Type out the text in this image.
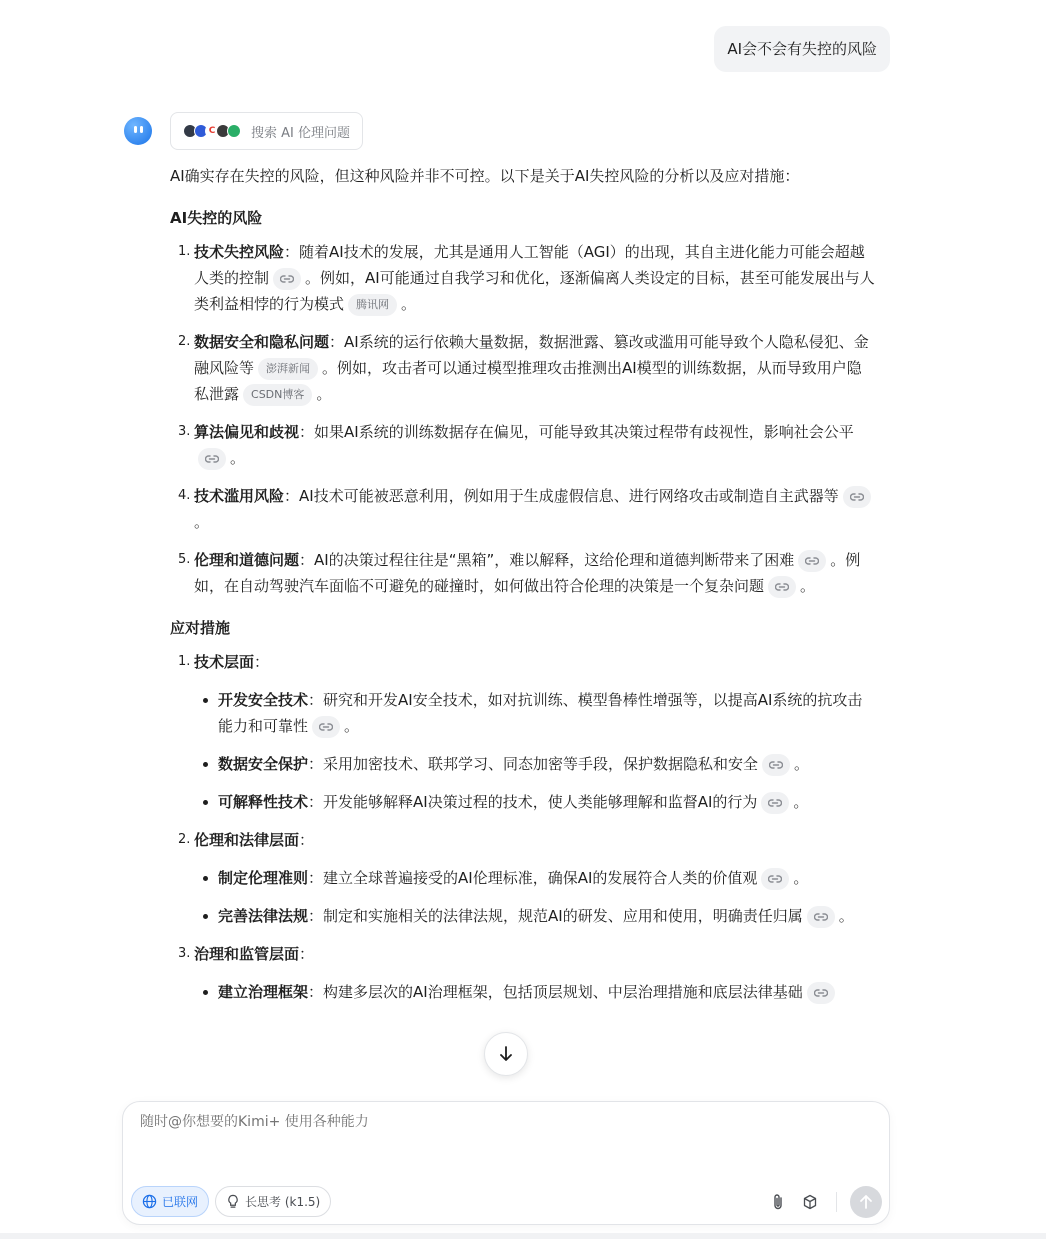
AI会不会有失控的风险
C	搜索 AI 伦理问题

AI确实存在失控的风险，但这种风险并非不可控。以下是关于AI失控风险的分析以及应对措施：

AI失控的风险
1. 技术失控风险：随着AI技术的发展，尤其是通用人工智能（AGI）的出现，其自主进化能力可能会超越人类的控制 。例如，AI可能通过自我学习和优化，逐渐偏离人类设定的目标，甚至可能发展出与人类利益相悖的行为模式 腾讯网 。
2. 数据安全和隐私问题：AI系统的运行依赖大量数据，数据泄露、篡改或滥用可能导致个人隐私侵犯、金融风险等 澎湃新闻 。例如，攻击者可以通过模型推理攻击推测出AI模型的训练数据，从而导致用户隐私泄露 CSDN博客 。
3. 算法偏见和歧视：如果AI系统的训练数据存在偏见，可能导致其决策过程带有歧视性，影响社会公平
。
4. 技术滥用风险：AI技术可能被恶意利用，例如用于生成虚假信息、进行网络攻击或制造自主武器等
。
5. 伦理和道德问题：AI的决策过程往往是“黑箱”，难以解释，这给伦理和道德判断带来了困难 。例如，在自动驾驶汽车面临不可避免的碰撞时，如何做出符合伦理的决策是一个复杂问题 。
应对措施
1. 技术层面：
开发安全技术：研究和开发AI安全技术，如对抗训练、模型鲁棒性增强等，以提高AI系统的抗攻击能力和可靠性 。
数据安全保护：采用加密技术、联邦学习、同态加密等手段，保护数据隐私和安全 。
可解释性技术：开发能够解释AI决策过程的技术，使人类能够理解和监督AI的行为 。
2. 伦理和法律层面：
制定伦理准则：建立全球普遍接受的AI伦理标准，确保AI的发展符合人类的价值观 。
完善法律法规：制定和实施相关的法律法规，规范AI的研发、应用和使用，明确责任归属 。
3. 治理和监管层面：
建立治理框架：构建多层次的AI治理框架，包括顶层规划、中层治理措施和底层法律基础
随时@你想要的Kimi+ 使用各种能力
已联网	长思考 (k1.5)
